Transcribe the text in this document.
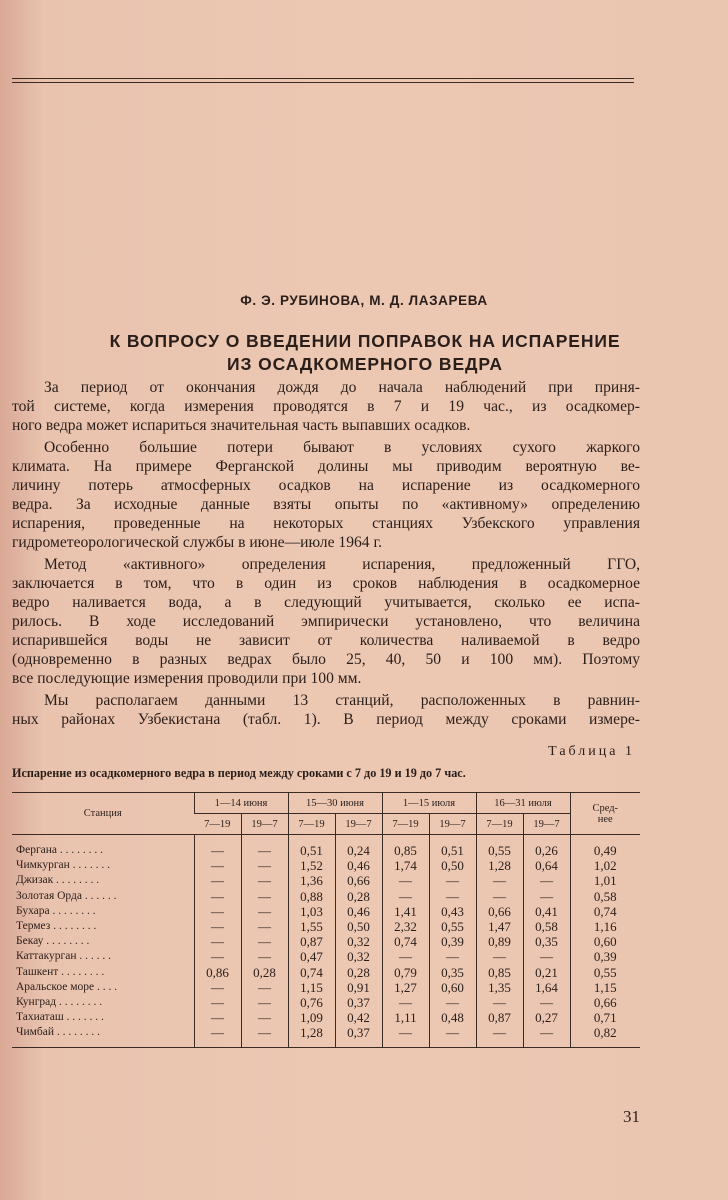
Ф. Э. РУБИНОВА, М. Д. ЛАЗАРЕВА
К ВОПРОСУ О ВВЕДЕНИИ ПОПРАВОК НА ИСПАРЕНИЕ
ИЗ ОСАДКОМЕРНОГО ВЕДРА
За период от окончания дождя до начала наблюдений при приня-
той системе, когда измерения проводятся в 7 и 19 час., из осадкомер-
ного ведра может испариться значительная часть выпавших осадков.
Особенно большие потери бывают в условиях сухого жаркого
климата. На примере Ферганской долины мы приводим вероятную ве-
личину потерь атмосферных осадков на испарение из осадкомерного
ведра. За исходные данные взяты опыты по «активному» определению
испарения, проведенные на некоторых станциях Узбекского управления
гидрометеорологической службы в июне—июле 1964 г.
Метод «активного» определения испарения, предложенный ГГО,
заключается в том, что в один из сроков наблюдения в осадкомерное
ведро наливается вода, а в следующий учитывается, сколько ее испа-
рилось. В ходе исследований эмпирически установлено, что величина
испарившейся воды не зависит от количества наливаемой в ведро
(одновременно в разных ведрах было 25, 40, 50 и 100 мм). Поэтому
все последующие измерения проводили при 100 мм.
Мы располагаем данными 13 станций, расположенных в равнин-
ных районах Узбекистана (табл. 1). В период между сроками измере-
Таблица 1
Испарение из осадкомерного ведра в период между сроками с 7 до 19 и 19 до 7 час.
Станция	1—14 июня		15—30 июня		1—15 июля		16—31 июля		Сред-
нее
	7—19	19—7	7—19	19—7	7—19	19—7	7—19	19—7	
Фергана . . . . . . . .	—	—	0,51	0,24	0,85	0,51	0,55	0,26	0,49
Чимкурган . . . . . . .	—	—	1,52	0,46	1,74	0,50	1,28	0,64	1,02
Джизак . . . . . . . .	—	—	1,36	0,66	—	—	—	—	1,01
Золотая Орда . . . . . .	—	—	0,88	0,28	—	—	—	—	0,58
Бухара . . . . . . . .	—	—	1,03	0,46	1,41	0,43	0,66	0,41	0,74
Термез . . . . . . . .	—	—	1,55	0,50	2,32	0,55	1,47	0,58	1,16
Бекау . . . . . . . .	—	—	0,87	0,32	0,74	0,39	0,89	0,35	0,60
Каттакурган . . . . . .	—	—	0,47	0,32	—	—	—	—	0,39
Ташкент . . . . . . . .	0,86	0,28	0,74	0,28	0,79	0,35	0,85	0,21	0,55
Аральское море . . . .	—	—	1,15	0,91	1,27	0,60	1,35	1,64	1,15
Кунград . . . . . . . .	—	—	0,76	0,37	—	—	—	—	0,66
Тахиаташ . . . . . . .	—	—	1,09	0,42	1,11	0,48	0,87	0,27	0,71
Чимбай . . . . . . . .	—	—	1,28	0,37	—	—	—	—	0,82
31
